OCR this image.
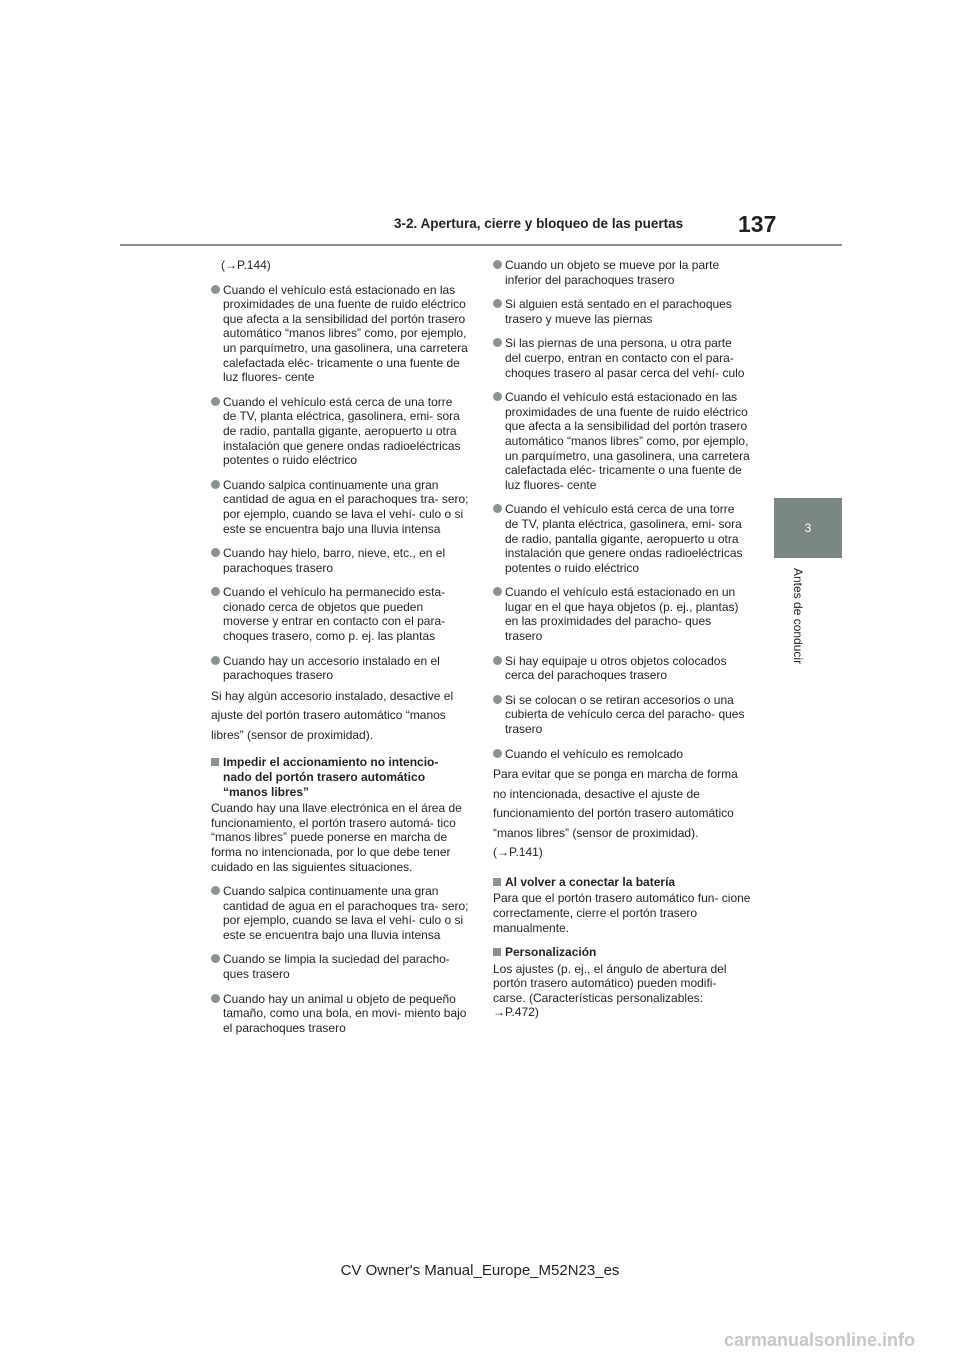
3-2. Apertura, cierre y bloqueo de las puertas 137
3
Antes de conducir

(→P.144)

Cuando el vehículo está estacionado en las proximidades de una fuente de ruido eléctrico que afecta a la sensibilidad del portón trasero automático “manos libres” como, por ejemplo, un parquímetro, una gasolinera, una carretera calefactada eléc- tricamente o una fuente de luz fluores- cente
Cuando el vehículo está cerca de una torre de TV, planta eléctrica, gasolinera, emi- sora de radio, pantalla gigante, aeropuerto u otra instalación que genere ondas radioeléctricas potentes o ruido eléctrico
Cuando salpica continuamente una gran cantidad de agua en el parachoques tra- sero; por ejemplo, cuando se lava el vehí- culo o si este se encuentra bajo una lluvia intensa
Cuando hay hielo, barro, nieve, etc., en el parachoques trasero
Cuando el vehículo ha permanecido esta- cionado cerca de objetos que pueden moverse y entrar en contacto con el para- choques trasero, como p. ej. las plantas
Cuando hay un accesorio instalado en el parachoques trasero

Si hay algún accesorio instalado, desactive el ajuste del portón trasero automático “manos libres” (sensor de proximidad).

Impedir el accionamiento no intencio- nado del portón trasero automático “manos libres”

Cuando hay una llave electrónica en el área de funcionamiento, el portón trasero automá- tico “manos libres” puede ponerse en marcha de forma no intencionada, por lo que debe tener cuidado en las siguientes situaciones.

Cuando salpica continuamente una gran cantidad de agua en el parachoques tra- sero; por ejemplo, cuando se lava el vehí- culo o si este se encuentra bajo una lluvia intensa
Cuando se limpia la suciedad del paracho- ques trasero
Cuando hay un animal u objeto de pequeño tamaño, como una bola, en movi- miento bajo el parachoques trasero
Cuando un objeto se mueve por la parte inferior del parachoques trasero
Si alguien está sentado en el parachoques trasero y mueve las piernas
Si las piernas de una persona, u otra parte del cuerpo, entran en contacto con el para- choques trasero al pasar cerca del vehí- culo
Cuando el vehículo está estacionado en las proximidades de una fuente de ruido eléctrico que afecta a la sensibilidad del portón trasero automático “manos libres” como, por ejemplo, un parquímetro, una gasolinera, una carretera calefactada eléc- tricamente o una fuente de luz fluores- cente
Cuando el vehículo está cerca de una torre de TV, planta eléctrica, gasolinera, emi- sora de radio, pantalla gigante, aeropuerto u otra instalación que genere ondas radioeléctricas potentes o ruido eléctrico
Cuando el vehículo está estacionado en un lugar en el que haya objetos (p. ej., plantas) en las proximidades del paracho- ques trasero
Si hay equipaje u otros objetos colocados cerca del parachoques trasero
Si se colocan o se retiran accesorios o una cubierta de vehículo cerca del paracho- ques trasero
Cuando el vehículo es remolcado

Para evitar que se ponga en marcha de forma no intencionada, desactive el ajuste de funcionamiento del portón trasero automático “manos libres” (sensor de proximidad).

(→P.141)

Al volver a conectar la batería

Para que el portón trasero automático fun- cione correctamente, cierre el portón trasero manualmente.

Personalización

Los ajustes (p. ej., el ángulo de abertura del portón trasero automático) pueden modifi- carse. (Características personalizables: →P.472)

CV Owner's Manual_Europe_M52N23_es
carmanualsonline.info
